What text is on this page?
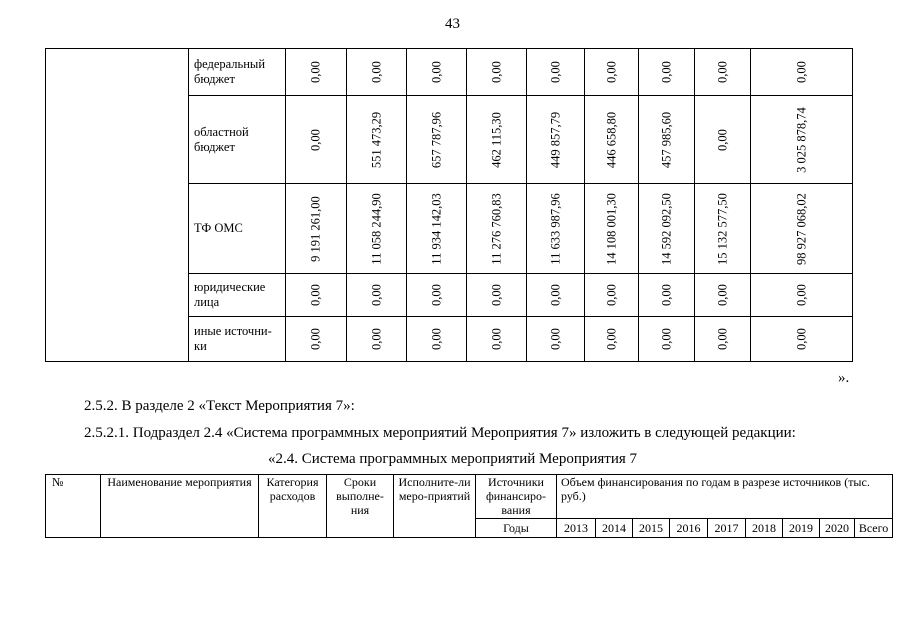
43
	федеральный бюджет	0,00	0,00	0,00	0,00	0,00	0,00	0,00	0,00	0,00

	областной бюджет	0,00	551 473,29	657 787,96	462 115,30	449 857,79	446 658,80	457 985,60	0,00	3 025 878,74

	ТФ ОМС	9 191 261,00	11 058 244,90	11 934 142,03	11 276 760,83	11 633 987,96	14 108 001,30	14 592 092,50	15 132 577,50	98 927 068,02

	юридические лица	0,00	0,00	0,00	0,00	0,00	0,00	0,00	0,00	0,00

	иные источни-ки	0,00	0,00	0,00	0,00	0,00	0,00	0,00	0,00	0,00
».
2.5.2. В разделе 2 «Текст Мероприятия 7»:
2.5.2.1. Подраздел 2.4 «Система программных мероприятий Мероприятия 7» изложить в следующей редакции:
«2.4. Система программных мероприятий Мероприятия 7
№	Наименование мероприятия	Категория расходов	Сроки выполне-ния	Исполните-ли меро-приятий	Источники финансиро-вания	Объем финансирования по годам в разрезе источников (тыс. руб.)								
					Годы	2013	2014	2015	2016	2017	2018	2019	2020	Всего
